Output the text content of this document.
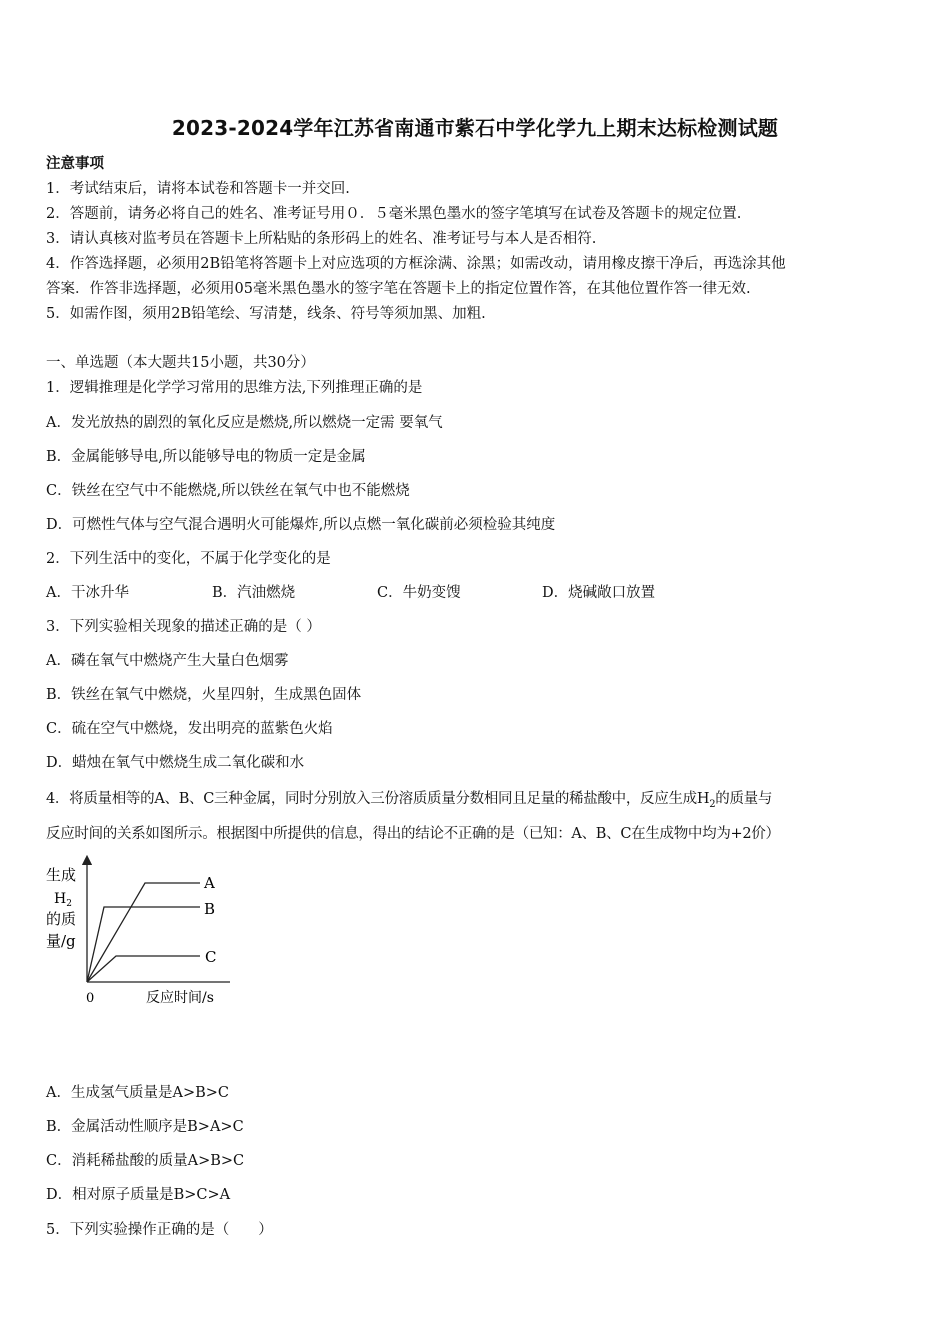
2023-2024学年江苏省南通市紫石中学化学九上期末达标检测试题
注意事项
1．考试结束后，请将本试卷和答题卡一并交回.
2．答题前，请务必将自己的姓名、准考证号用０．５毫米黑色墨水的签字笔填写在试卷及答题卡的规定位置.
3．请认真核对监考员在答题卡上所粘贴的条形码上的姓名、准考证号与本人是否相符.
4．作答选择题，必须用2B铅笔将答题卡上对应选项的方框涂满、涂黑；如需改动，请用橡皮擦干净后，再选涂其他
答案．作答非选择题，必须用05毫米黑色墨水的签字笔在答题卡上的指定位置作答，在其他位置作答一律无效.
5．如需作图，须用2B铅笔绘、写清楚，线条、符号等须加黑、加粗.
一、单选题（本大题共15小题，共30分）
1．逻辑推理是化学学习常用的思维方法,下列推理正确的是
A．发光放热的剧烈的氧化反应是燃烧,所以燃烧一定需 要氧气
B．金属能够导电,所以能够导电的物质一定是金属
C．铁丝在空气中不能燃烧,所以铁丝在氧气中也不能燃烧
D．可燃性气体与空气混合遇明火可能爆炸,所以点燃一氧化碳前必须检验其纯度
2．下列生活中的变化，不属于化学变化的是
A．干冰升华	B．汽油燃烧	C．牛奶变馊	D．烧碱敞口放置
3．下列实验相关现象的描述正确的是（ ）
A．磷在氧气中燃烧产生大量白色烟雾
B．铁丝在氧气中燃烧，火星四射，生成黑色固体
C．硫在空气中燃烧，发出明亮的蓝紫色火焰
D．蜡烛在氧气中燃烧生成二氧化碳和水
4．将质量相等的A、B、C三种金属，同时分别放入三份溶质质量分数相同且足量的稀盐酸中，反应生成$H_2$的质量与
反应时间的关系如图所示。根据图中所提供的信息，得出的结论不正确的是（已知：A、B、C在生成物中均为+2价）
A
B
C
生成
$H_2$
的质
量/g
0	反应时间/s
A．生成氢气质量是A>B>C
B．金属活动性顺序是B>A>C
C．消耗稀盐酸的质量A>B>C
D．相对原子质量是B>C>A
5．下列实验操作正确的是（　　）
